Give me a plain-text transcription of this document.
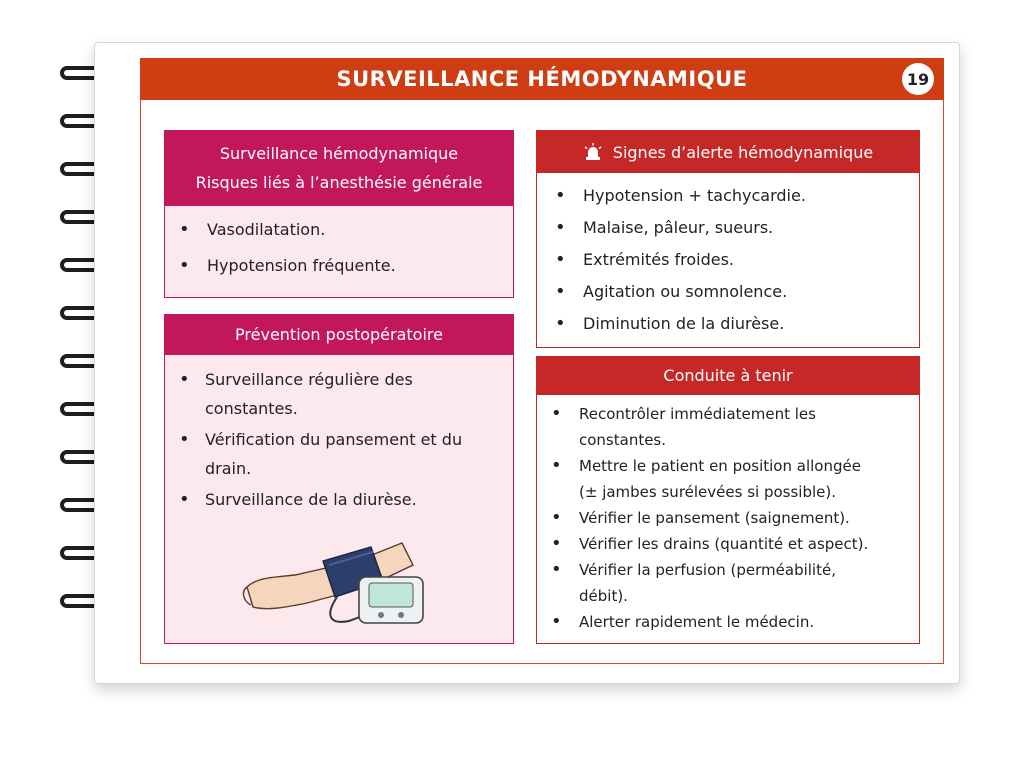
SURVEILLANCE HÉMODYNAMIQUE	19
Surveillance hémodynamique
Risques liés à l’anesthésie générale
• Vasodilatation.
• Hypotension fréquente.
Prévention postopératoire
• Surveillance régulière des
constantes.
• Vérification du pansement et du
drain.
• Surveillance de la diurèse.
Signes d’alerte hémodynamique
• Hypotension + tachycardie.
• Malaise, pâleur, sueurs.
• Extrémités froides.
• Agitation ou somnolence.
• Diminution de la diurèse.
Conduite à tenir
• Recontrôler immédiatement les
constantes.
• Mettre le patient en position allongée
(± jambes surélevées si possible).
• Vérifier le pansement (saignement).
• Vérifier les drains (quantité et aspect).
• Vérifier la perfusion (perméabilité,
débit).
• Alerter rapidement le médecin.
